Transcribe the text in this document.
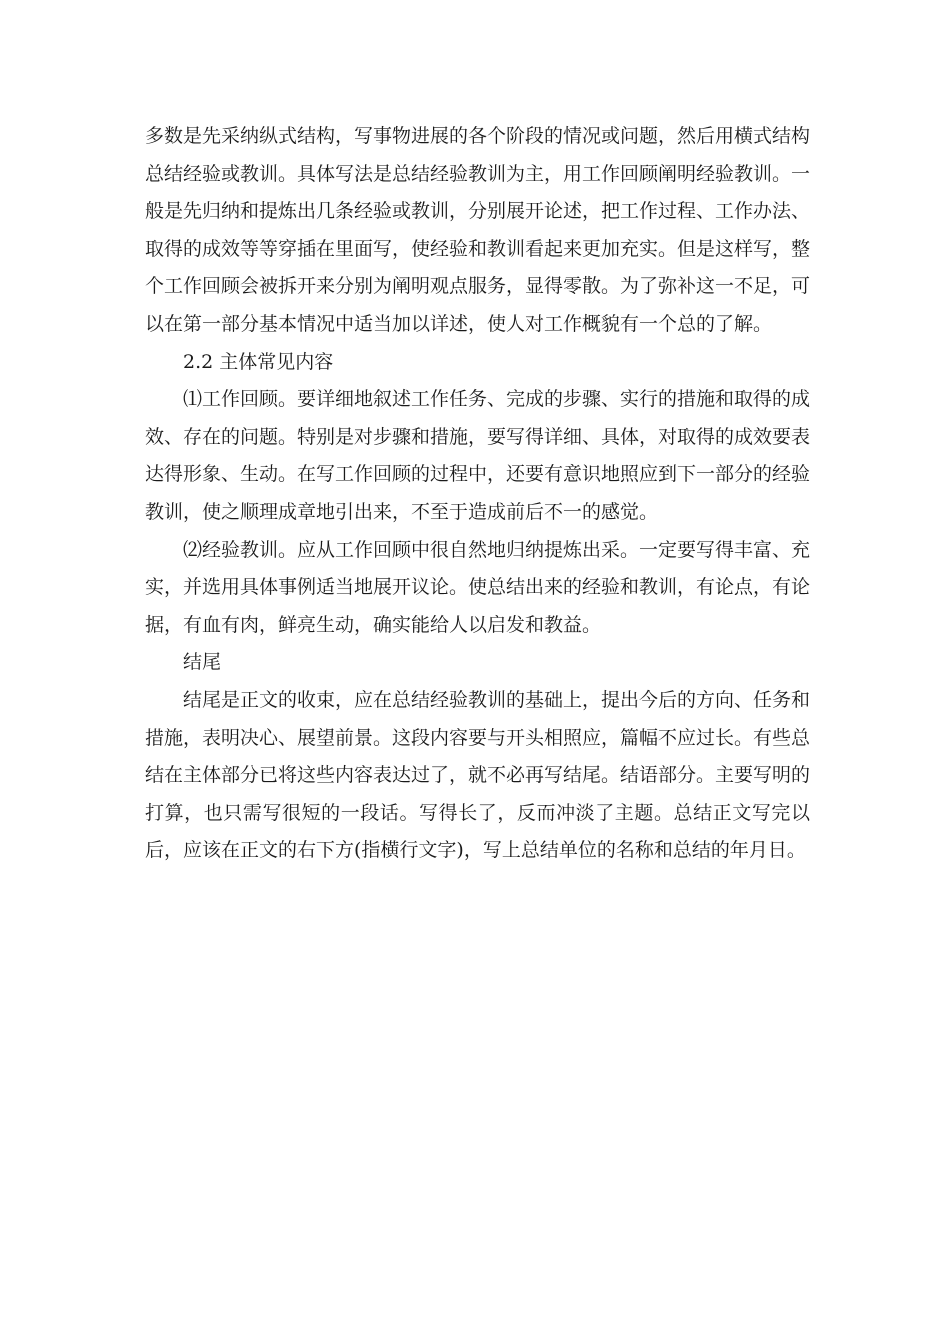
多数是先采纳纵式结构，写事物进展的各个阶段的情况或问题，然后用横式结构总结经验或教训。具体写法是总结经验教训为主，用工作回顾阐明经验教训。一般是先归纳和提炼出几条经验或教训，分别展开论述，把工作过程、工作办法、取得的成效等等穿插在里面写，使经验和教训看起来更加充实。但是这样写，整个工作回顾会被拆开来分别为阐明观点服务，显得零散。为了弥补这一不足，可以在第一部分基本情况中适当加以详述，使人对工作概貌有一个总的了解。

2.2 主体常见内容

⑴工作回顾。要详细地叙述工作任务、完成的步骤、实行的措施和取得的成效、存在的问题。特别是对步骤和措施，要写得详细、具体，对取得的成效要表达得形象、生动。在写工作回顾的过程中，还要有意识地照应到下一部分的经验教训，使之顺理成章地引出来，不至于造成前后不一的感觉。

⑵经验教训。应从工作回顾中很自然地归纳提炼出采。一定要写得丰富、充实，并选用具体事例适当地展开议论。使总结出来的经验和教训，有论点，有论据，有血有肉，鲜亮生动，确实能给人以启发和教益。

结尾

结尾是正文的收束，应在总结经验教训的基础上，提出今后的方向、任务和措施，表明决心、展望前景。这段内容要与开头相照应，篇幅不应过长。有些总结在主体部分已将这些内容表达过了，就不必再写结尾。结语部分。主要写明的打算，也只需写很短的一段话。写得长了，反而冲淡了主题。总结正文写完以后，应该在正文的右下方(指横行文字)，写上总结单位的名称和总结的年月日。
